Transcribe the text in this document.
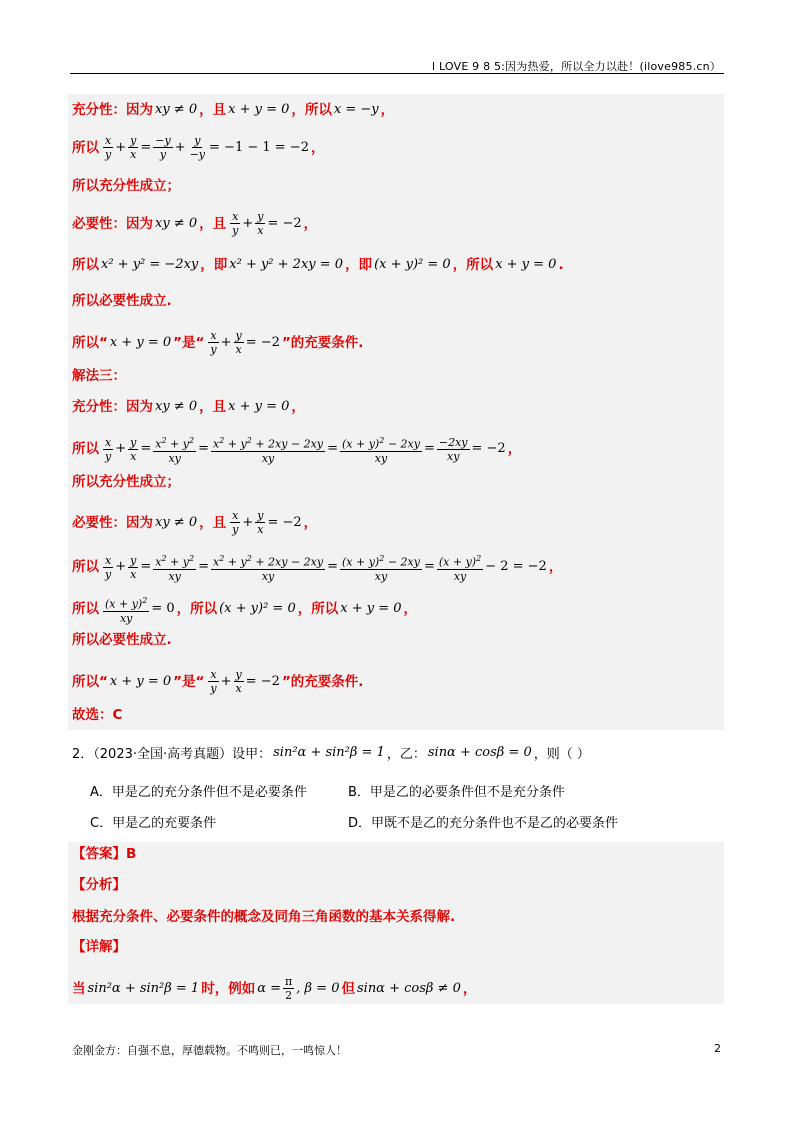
I LOVE 9 8 5:因为热爱，所以全力以赴！(ilove985.cn）
充分性：因为 xy ≠ 0 ，且 x + y = 0 ，所以 x = −y ，
所以 $\frac{x}{y} + \frac{y}{x} = \frac{-y}{y} + \frac{y}{-y} = -1 - 1 = -2$ ，
所以充分性成立；
必要性：因为 xy ≠ 0 ，且 $\frac{x}{y} + \frac{y}{x} = -2$ ，
所以 x² + y² = −2xy ，即 x² + y² + 2xy = 0 ，即 (x + y)² = 0 ，所以 x + y = 0 .
所以必要性成立.
所以“ x + y = 0 ”是“ $\frac{x}{y} + \frac{y}{x} = -2$ ”的充要条件.
解法三：
充分性：因为 xy ≠ 0 ，且 x + y = 0 ，
所以 $\frac{x}{y} + \frac{y}{x} = \frac{x^2 + y^2}{xy} = \frac{x^2 + y^2 + 2xy - 2xy}{xy} = \frac{(x + y)^2 - 2xy}{xy} = \frac{-2xy}{xy} = -2$ ，
所以充分性成立；
必要性：因为 xy ≠ 0 ，且 $\frac{x}{y} + \frac{y}{x} = -2$ ，
所以 $\frac{x}{y} + \frac{y}{x} = \frac{x^2 + y^2}{xy} = \frac{x^2 + y^2 + 2xy - 2xy}{xy} = \frac{(x + y)^2 - 2xy}{xy} = \frac{(x + y)^2}{xy} - 2 = -2$ ，
所以 $\frac{(x + y)^2}{xy} = 0$ ，所以 (x + y)² = 0 ，所以 x + y = 0 ，
所以必要性成立.
所以“ x + y = 0 ”是“ $\frac{x}{y} + \frac{y}{x} = -2$ ”的充要条件.
故选：C
2．（2023·全国·高考真题）设甲： sin²α + sin²β = 1 ，乙： sinα + cosβ = 0 ，则（ ）
A．甲是乙的充分条件但不是必要条件	B．甲是乙的必要条件但不是充分条件
C．甲是乙的充要条件	D．甲既不是乙的充分条件也不是乙的必要条件
【答案】B
【分析】
根据充分条件、必要条件的概念及同角三角函数的基本关系得解.
【详解】
当 sin²α + sin²β = 1 时，例如 $\alpha = \frac{\pi}{2}$ , β = 0 但 sinα + cosβ ≠ 0 ，
金刚金方：自强不息，厚德载物。不鸣则已，一鸣惊人！	2
